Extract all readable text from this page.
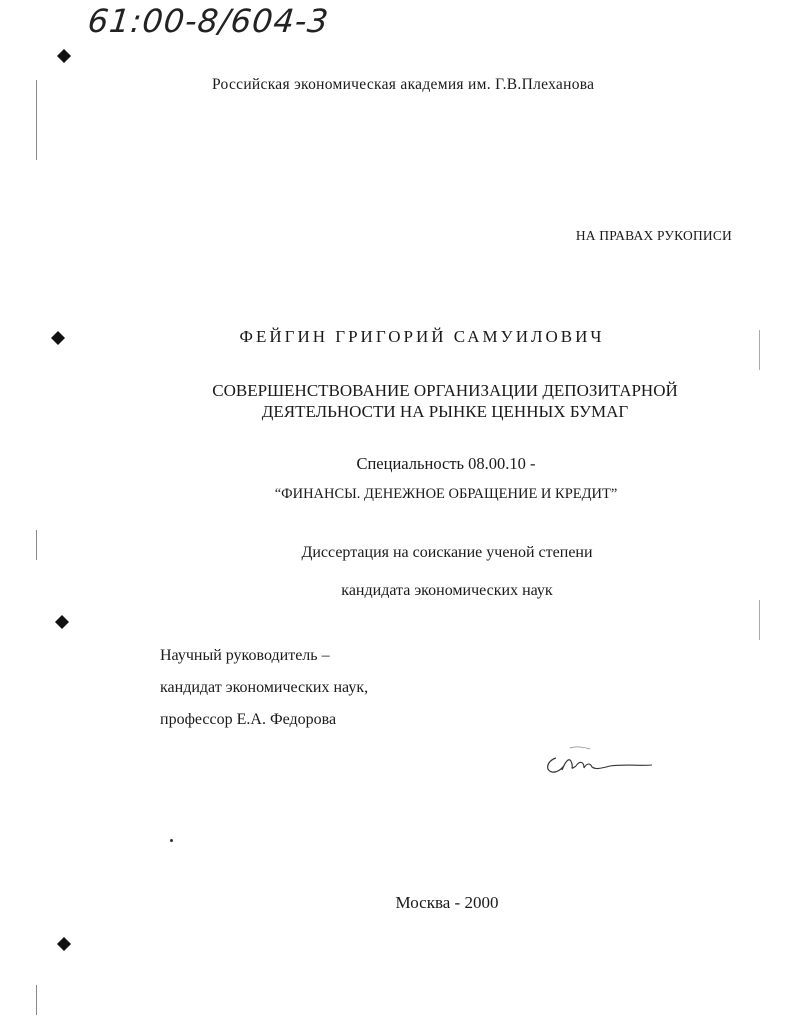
61:00-8/604-3
Российская экономическая академия им. Г.В.Плеханова
НА ПРАВАХ РУКОПИСИ
ФЕЙГИН ГРИГОРИЙ САМУИЛОВИЧ
СОВЕРШЕНСТВОВАНИЕ ОРГАНИЗАЦИИ ДЕПОЗИТАРНОЙ
ДЕЯТЕЛЬНОСТИ НА РЫНКЕ ЦЕННЫХ БУМАГ
Специальность 08.00.10 -
“ФИНАНСЫ. ДЕНЕЖНОЕ ОБРАЩЕНИЕ И КРЕДИТ”
Диссертация на соискание ученой степени
кандидата экономических наук
Научный руководитель –
кандидат экономических наук,
профессор Е.А. Федорова
Москва - 2000
